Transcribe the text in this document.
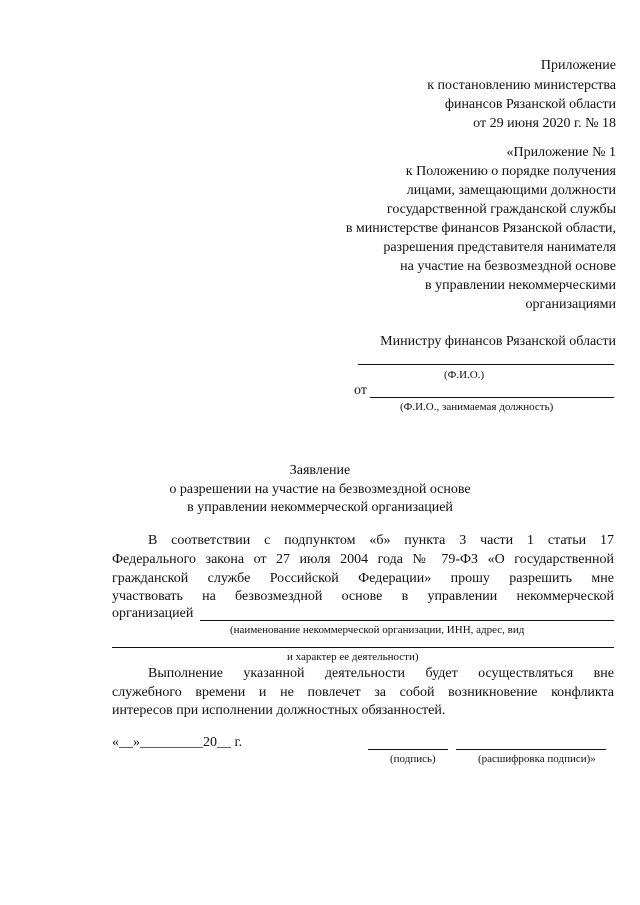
Приложение
к постановлению министерства
финансов Рязанской области
от 29 июня 2020 г. № 18
«Приложение № 1
к Положению о порядке получения
лицами, замещающими должности
государственной гражданской службы
в министерстве финансов Рязанской области,
разрешения представителя нанимателя
на участие на безвозмездной основе
в управлении некоммерческими
организациями
Министру финансов Рязанской области
(Ф.И.О.)
от
(Ф.И.О., занимаемая должность)
Заявление
о разрешении на участие на безвозмездной основе
в управлении некоммерческой организацией
В соответствии с подпунктом «б» пункта 3 части 1 статьи 17
Федерального закона от 27 июля 2004 года № 79-ФЗ «О государственной
гражданской службе Российской Федерации» прошу разрешить мне
участвовать на безвозмездной основе в управлении некоммерческой
организацией
(наименование некоммерческой организации, ИНН, адрес, вид
и характер ее деятельности)
Выполнение указанной деятельности будет осуществляться вне
служебного времени и не повлечет за собой возникновение конфликта
интересов при исполнении должностных обязанностей.
«__»_________20__ г.
(подпись)	(расшифровка подписи)»
